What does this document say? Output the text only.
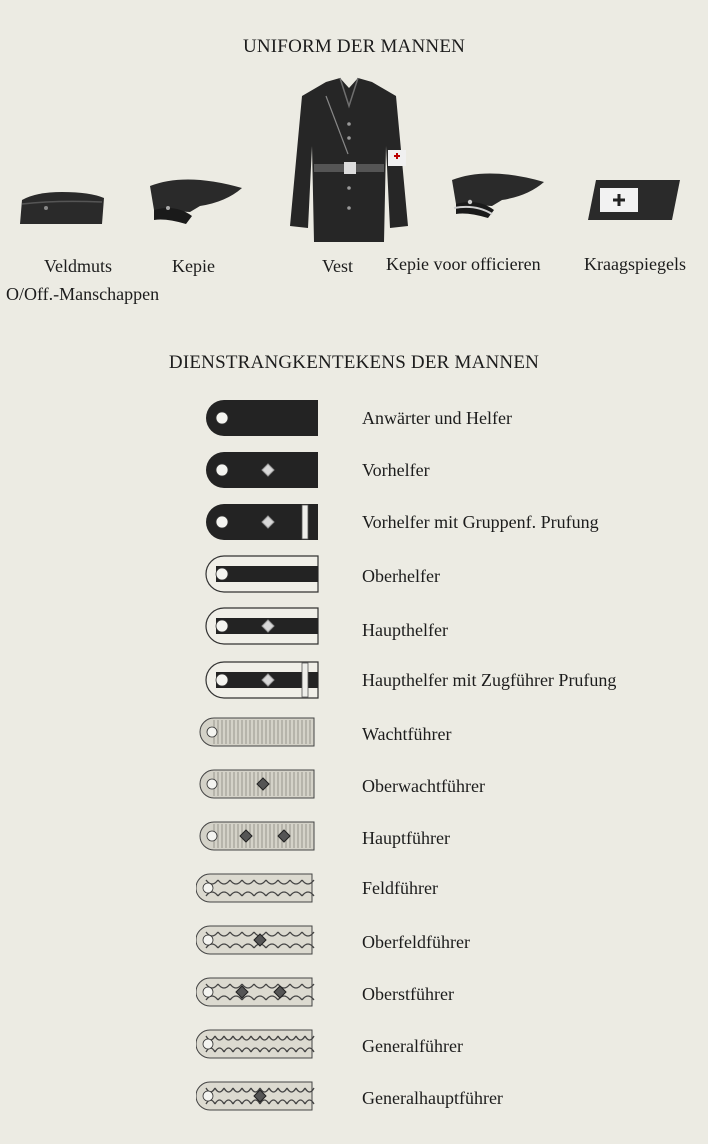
UNIFORM DER MANNEN
Veldmuts
O/Off.-Manschappen
Kepie	Vest Kepie voor officieren Kraagspiegels
DIENSTRANGKENTEKENS DER MANNEN
Anwärter und Helfer
Vorhelfer
Vorhelfer mit Gruppenf. Prufung
Oberhelfer
Haupthelfer
Haupthelfer mit Zugführer Prufung
Wachtführer
Oberwachtführer
Hauptführer
Feldführer
Oberfeldführer
Oberstführer
Generalführer
Generalhauptführer
